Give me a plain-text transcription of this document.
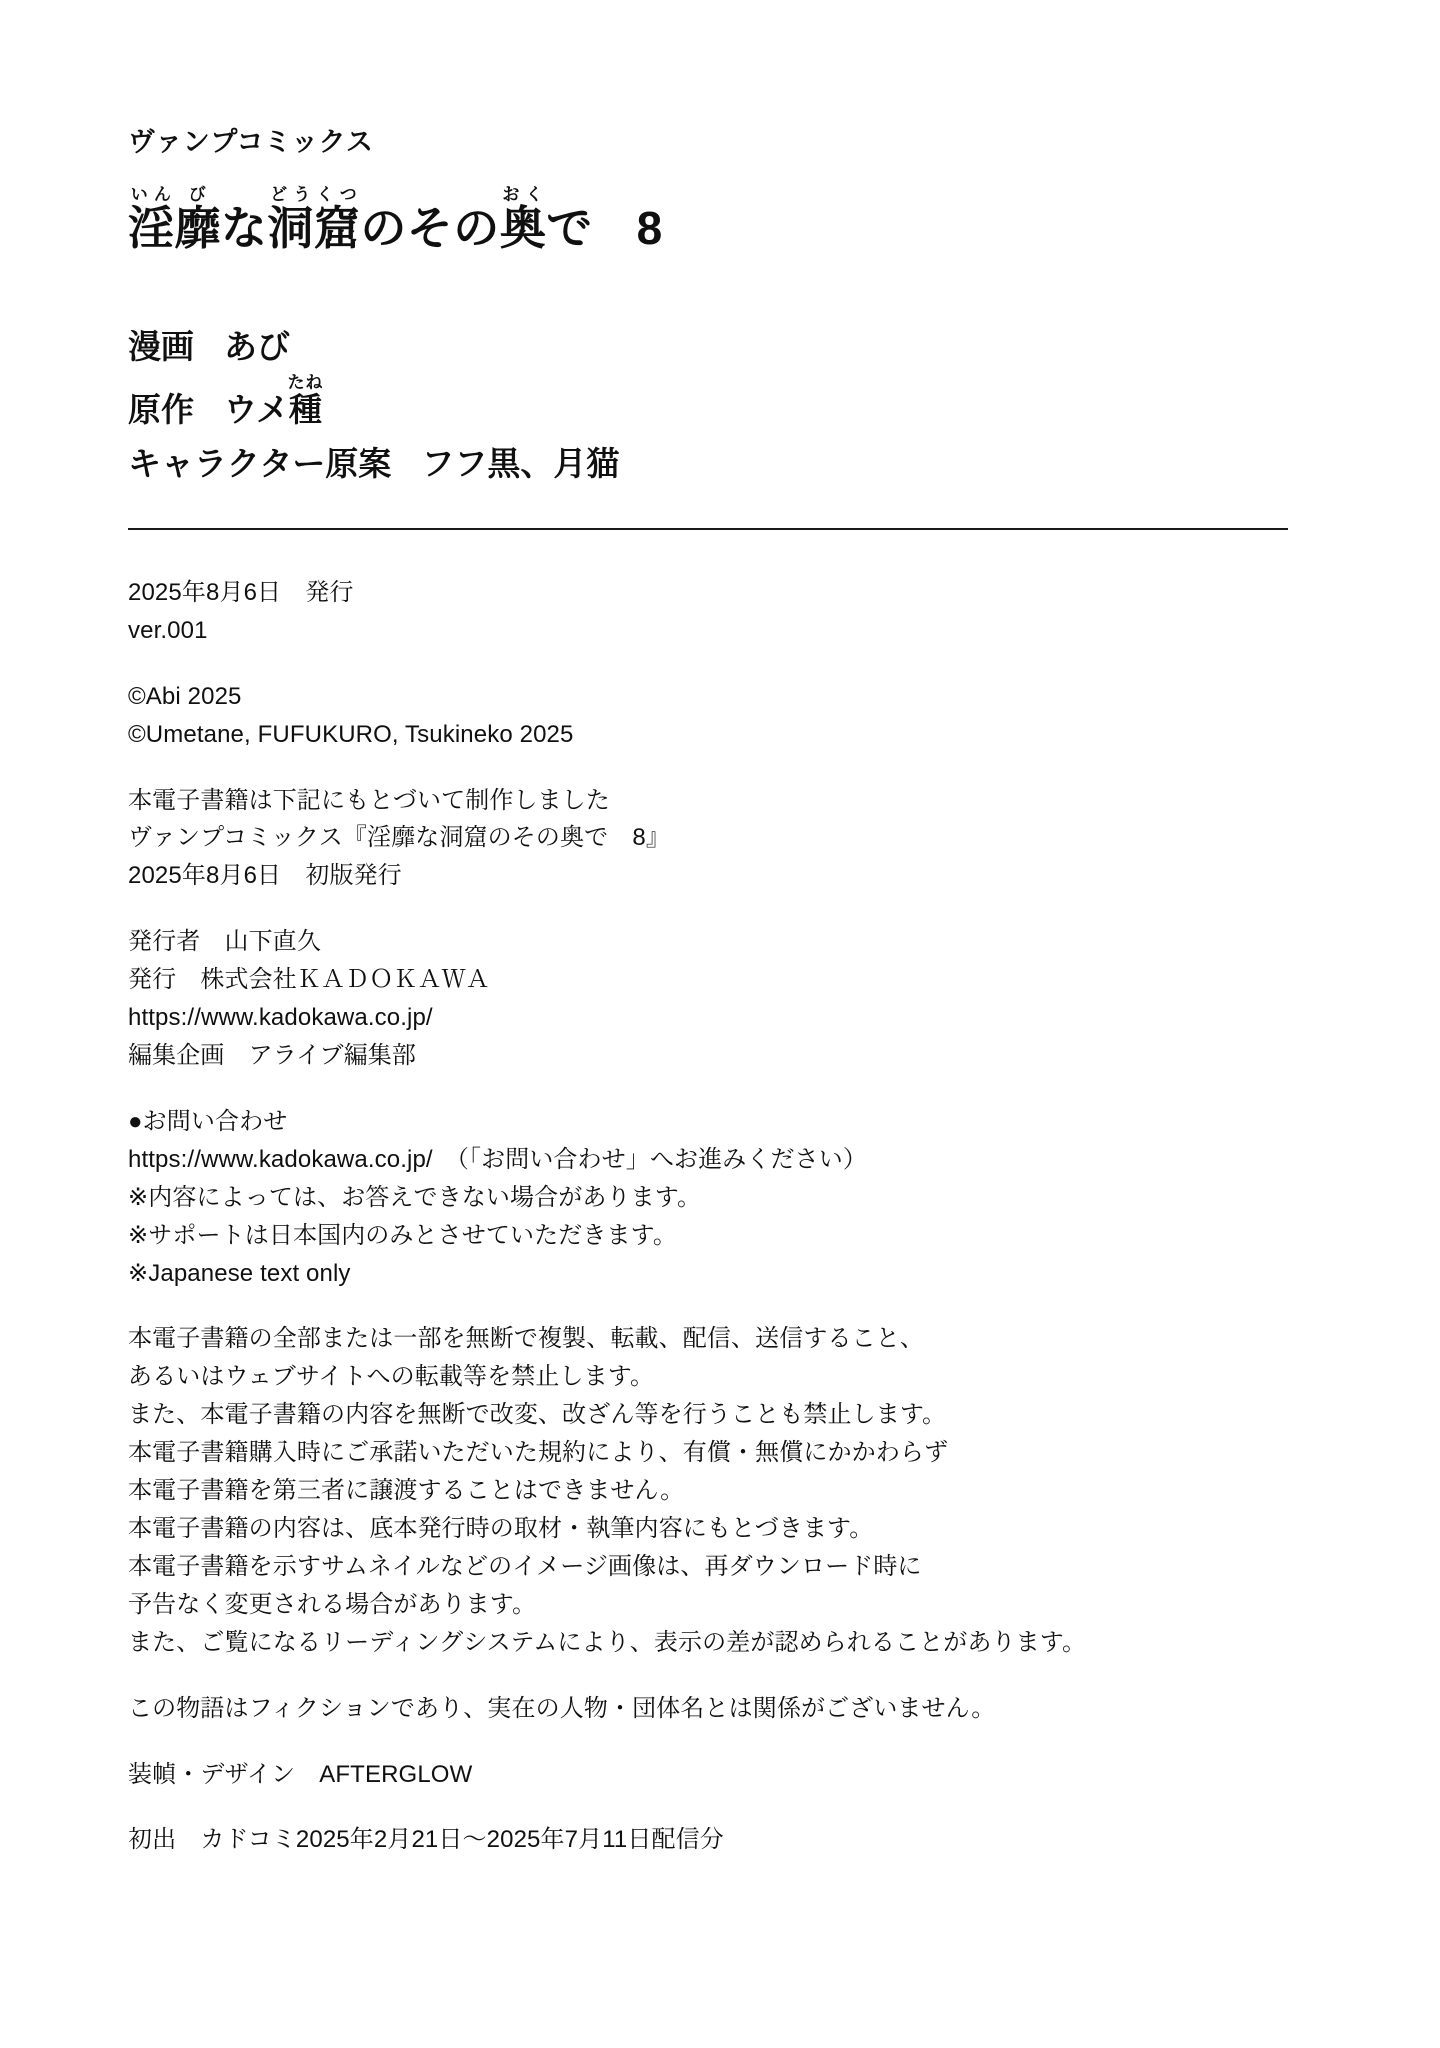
ヴァンプコミックス
淫いん靡びな洞窟どうくつのその奥おくで 8
漫画 あび
原作 ウメ種たね
キャラクター原案 フフ黒、月猫

2025年8月6日　発行

ver.001

©Abi 2025

©Umetane, FUFUKURO, Tsukineko 2025

本電子書籍は下記にもとづいて制作しました

ヴァンプコミックス『淫靡な洞窟のその奥で　8』

2025年8月6日　初版発行

発行者　山下直久

発行　株式会社ＫＡＤＯＫＡＷＡ

https://www.kadokawa.co.jp/

編集企画　アライブ編集部

●お問い合わせ

https://www.kadokawa.co.jp/　（「お問い合わせ」へお進みください）

※内容によっては、お答えできない場合があります。

※サポートは日本国内のみとさせていただきます。

※Japanese text only

本電子書籍の全部または一部を無断で複製、転載、配信、送信すること、

あるいはウェブサイトへの転載等を禁止します。

また、本電子書籍の内容を無断で改変、改ざん等を行うことも禁止します。

本電子書籍購入時にご承諾いただいた規約により、有償・無償にかかわらず

本電子書籍を第三者に譲渡することはできません。

本電子書籍の内容は、底本発行時の取材・執筆内容にもとづきます。

本電子書籍を示すサムネイルなどのイメージ画像は、再ダウンロード時に

予告なく変更される場合があります。

また、ご覧になるリーディングシステムにより、表示の差が認められることがあります。

この物語はフィクションであり、実在の人物・団体名とは関係がございません。

装幀・デザイン　AFTERGLOW

初出　カドコミ2025年2月21日〜2025年7月11日配信分
